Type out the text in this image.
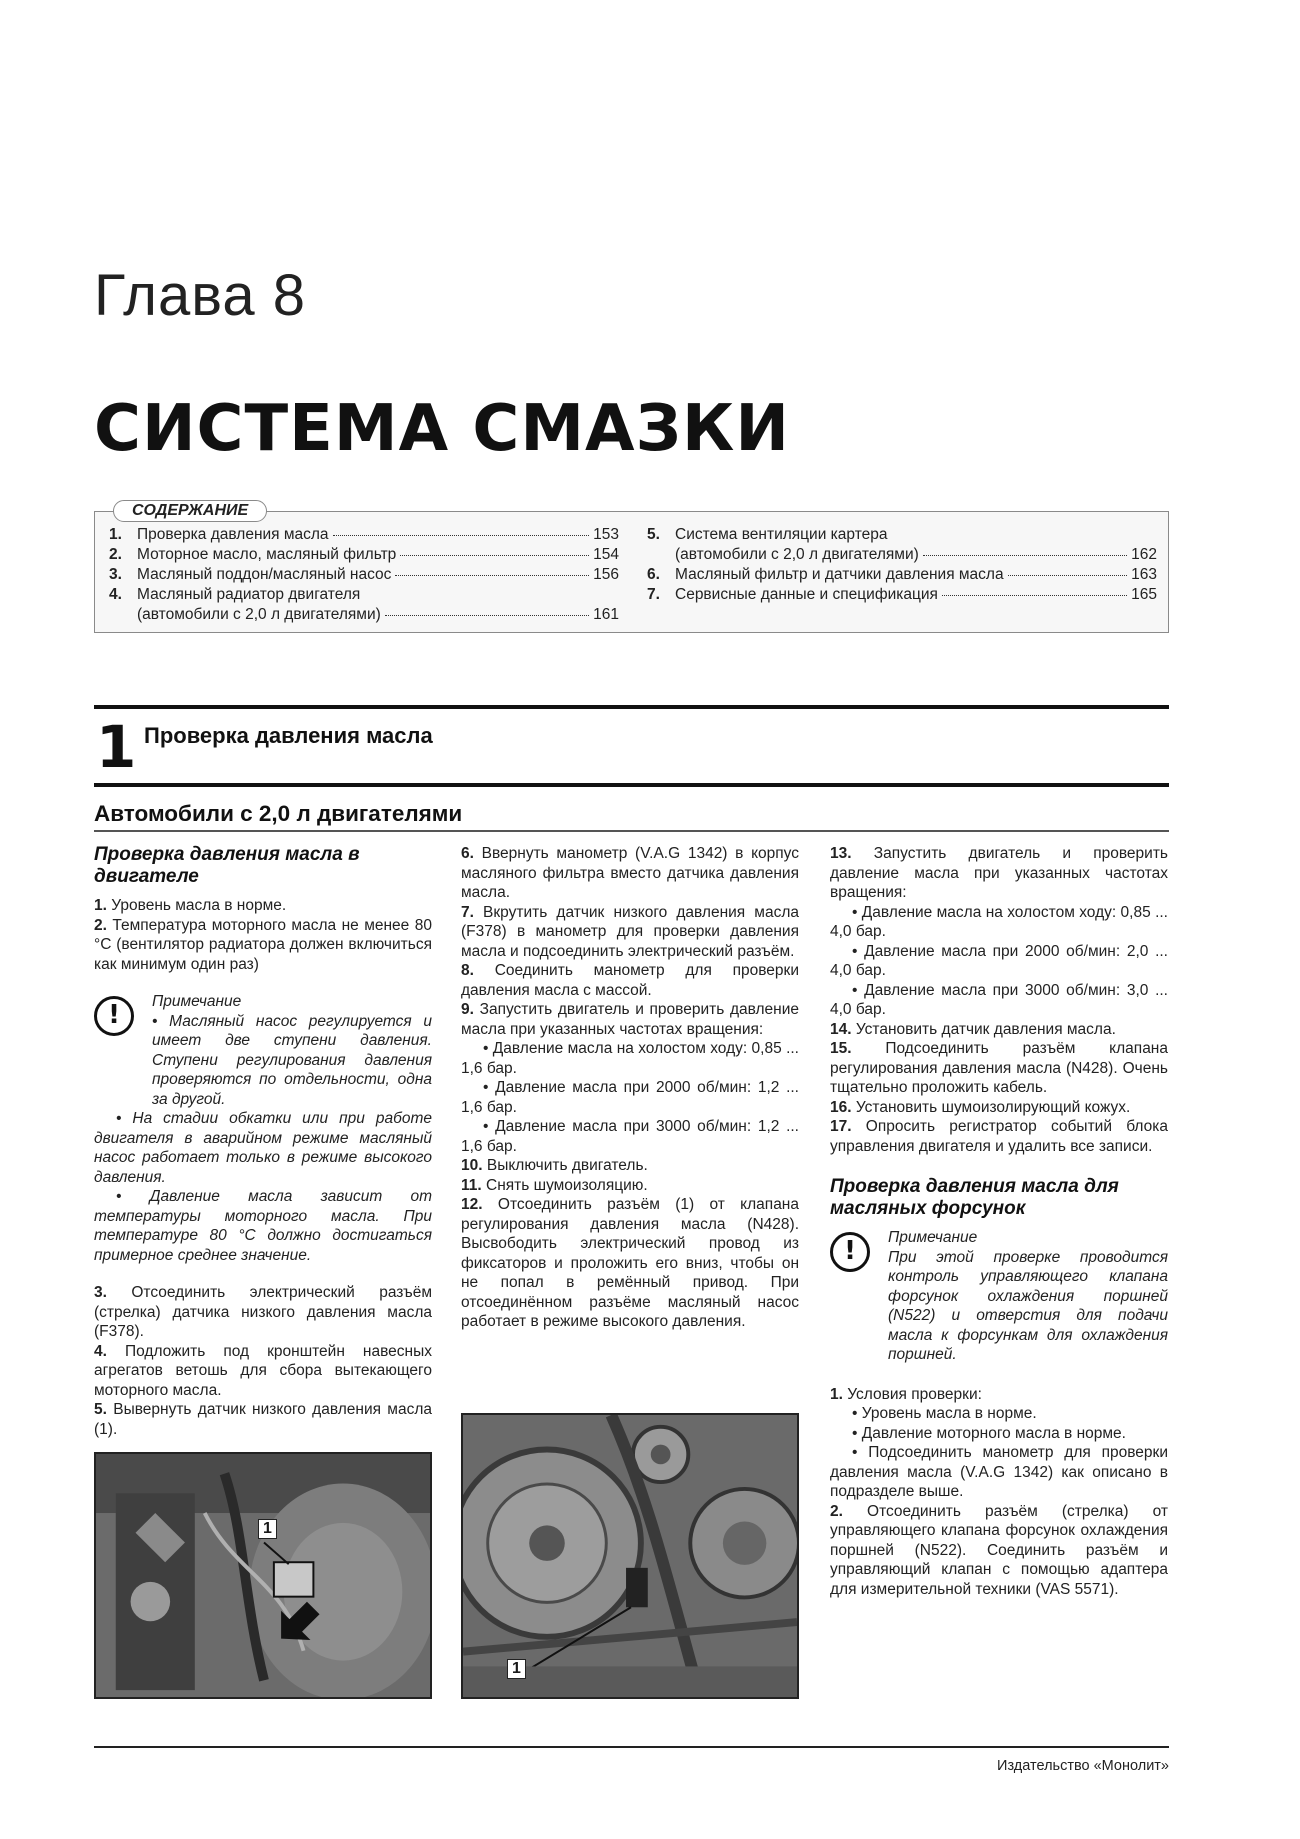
Глава 8
СИСТЕМА СМАЗКИ
СОДЕРЖАНИЕ
1. Проверка давления масла	153
2. Моторное масло, масляный фильтр	154
3. Масляный поддон/масляный насос	156
4. Масляный радиатор двигателя
(автомобили с 2,0 л двигателями)	161
5. Система вентиляции картера
(автомобили с 2,0 л двигателями)	162
6. Масляный фильтр и датчики давления масла	163
7. Сервисные данные и спецификация	165
1 Проверка давления масла
Автомобили с 2,0 л двигателями
Проверка давления масла в двигателе

1. Уровень масла в норме.

2. Температура моторного масла не менее 80 °С (вентилятор радиатора должен включиться как минимум один раз)

!	Примечание

• Масляный насос регулируется и имеет две ступени давления. Ступени регулирования давления проверяются по отдельности, одна за другой.

• На стадии обкатки или при работе двигателя в аварийном режиме масляный насос работает только в режиме высокого давления.

• Давление масла зависит от температуры моторного масла. При температуре 80 °С должно достигаться примерное среднее значение.

3. Отсоединить электрический разъём (стрелка) датчика низкого давления масла (F378).

4. Подложить под кронштейн навесных агрегатов ветошь для сбора вытекающего моторного масла.

5. Вывернуть датчик низкого давления масла (1).

1

6. Ввернуть манометр (V.A.G 1342) в корпус масляного фильтра вместо датчика давления масла.

7. Вкрутить датчик низкого давления масла (F378) в манометр для проверки давления масла и подсоединить электрический разъём.

8. Соединить манометр для проверки давления масла с массой.

9. Запустить двигатель и проверить давление масла при указанных частотах вращения:

• Давление масла на холостом ходу: 0,85 ... 1,6 бар.

• Давление масла при 2000 об/мин: 1,2 ... 1,6 бар.

• Давление масла при 3000 об/мин: 1,2 ... 1,6 бар.

10. Выключить двигатель.

11. Снять шумоизоляцию.

12. Отсоединить разъём (1) от клапана регулирования давления масла (N428). Высвободить электрический провод из фиксаторов и проложить его вниз, чтобы он не попал в ремённый привод. При отсоединённом разъёме масляный насос работает в режиме высокого давления.

1

13. Запустить двигатель и проверить давление масла при указанных частотах вращения:

• Давление масла на холостом ходу: 0,85 ... 4,0 бар.

• Давление масла при 2000 об/мин: 2,0 ... 4,0 бар.

• Давление масла при 3000 об/мин: 3,0 ... 4,0 бар.

14. Установить датчик давления масла.

15. Подсоединить разъём клапана регулирования давления масла (N428). Очень тщательно проложить кабель.

16. Установить шумоизолирующий кожух.

17. Опросить регистратор событий блока управления двигателя и удалить все записи.

Проверка давления масла для масляных форсунок
!	Примечание

При этой проверке проводится контроль управляющего клапана форсунок охлаждения поршней (N522) и отверстия для подачи масла к форсункам для охлаждения поршней.

1. Условия проверки:

• Уровень масла в норме.

• Давление моторного масла в норме.

• Подсоединить манометр для проверки давления масла (V.A.G 1342) как описано в подразделе выше.

2. Отсоединить разъём (стрелка) от управляющего клапана форсунок охлаждения поршней (N522). Соединить разъём и управляющий клапан с помощью адаптера для измерительной техники (VAS 5571).

Издательство «Монолит»
